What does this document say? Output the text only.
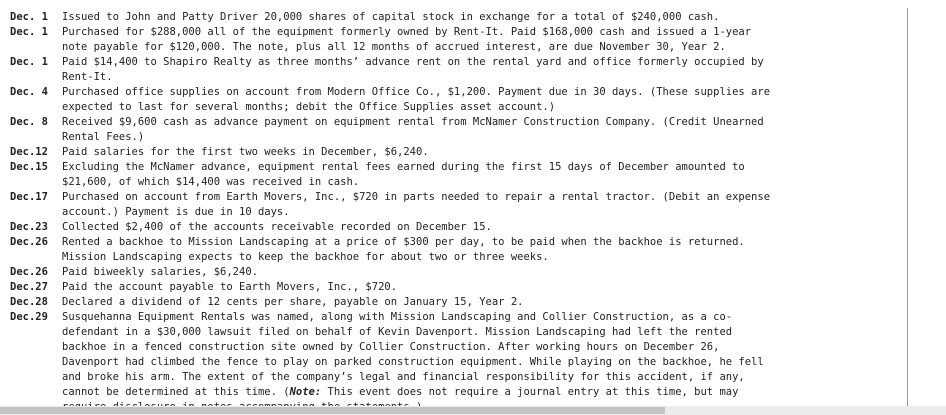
Dec. 1	Issued to John and Patty Driver 20,000 shares of capital stock in exchange for a total of $240,000 cash.
Dec. 1	Purchased for $288,000 all of the equipment formerly owned by Rent-It. Paid $168,000 cash and issued a 1-year
note payable for $120,000. The note, plus all 12 months of accrued interest, are due November 30, Year 2.
Dec. 1	Paid $14,400 to Shapiro Realty as three months’ advance rent on the rental yard and office formerly occupied by
Rent-It.
Dec. 4	Purchased office supplies on account from Modern Office Co., $1,200. Payment due in 30 days. (These supplies are
expected to last for several months; debit the Office Supplies asset account.)
Dec. 8	Received $9,600 cash as advance payment on equipment rental from McNamer Construction Company. (Credit Unearned
Rental Fees.)
Dec.12	Paid salaries for the first two weeks in December, $6,240.
Dec.15	Excluding the McNamer advance, equipment rental fees earned during the first 15 days of December amounted to
$21,600, of which $14,400 was received in cash.
Dec.17	Purchased on account from Earth Movers, Inc., $720 in parts needed to repair a rental tractor. (Debit an expense
account.) Payment is due in 10 days.
Dec.23	Collected $2,400 of the accounts receivable recorded on December 15.
Dec.26	Rented a backhoe to Mission Landscaping at a price of $300 per day, to be paid when the backhoe is returned.
Mission Landscaping expects to keep the backhoe for about two or three weeks.
Dec.26	Paid biweekly salaries, $6,240.
Dec.27	Paid the account payable to Earth Movers, Inc., $720.
Dec.28	Declared a dividend of 12 cents per share, payable on January 15, Year 2.
Dec.29	Susquehanna Equipment Rentals was named, along with Mission Landscaping and Collier Construction, as a co-
defendant in a $30,000 lawsuit filed on behalf of Kevin Davenport. Mission Landscaping had left the rented
backhoe in a fenced construction site owned by Collier Construction. After working hours on December 26,
Davenport had climbed the fence to play on parked construction equipment. While playing on the backhoe, he fell
and broke his arm. The extent of the company’s legal and financial responsibility for this accident, if any,
cannot be determined at this time. (Note: This event does not require a journal entry at this time, but may
